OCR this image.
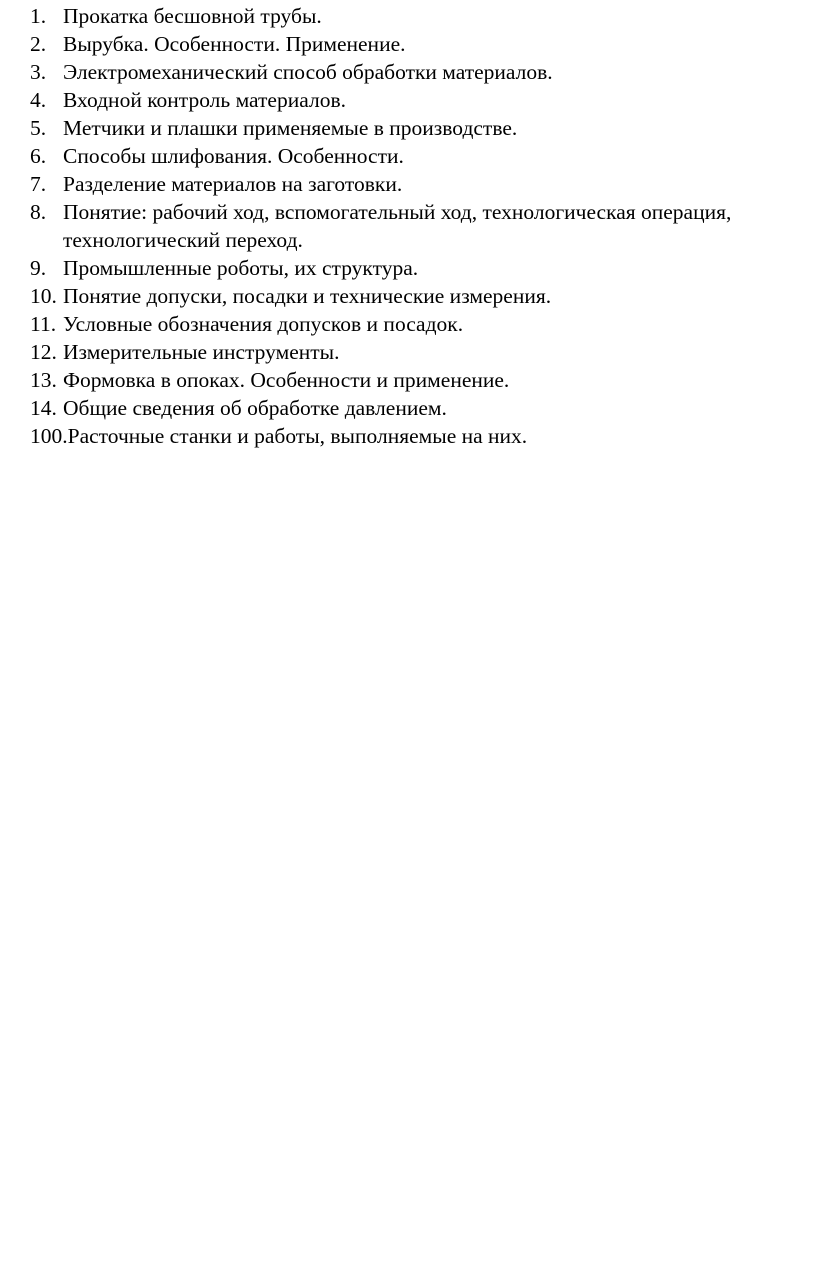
1. Прокатка бесшовной трубы.
2. Вырубка. Особенности. Применение.
3. Электромеханический способ обработки материалов.
4. Входной контроль материалов.
5. Метчики и плашки применяемые в производстве.
6. Способы шлифования. Особенности.
7. Разделение материалов на заготовки.
8. Понятие: рабочий ход, вспомогательный ход, технологическая операция, технологический переход.
9. Промышленные роботы, их структура.
10. Понятие допуски, посадки и технические измерения.
11. Условные обозначения допусков и посадок.
12. Измерительные инструменты.
13. Формовка в опоках. Особенности и применение.
14. Общие сведения об обработке давлением.
100. Расточные станки и работы, выполняемые на них.
